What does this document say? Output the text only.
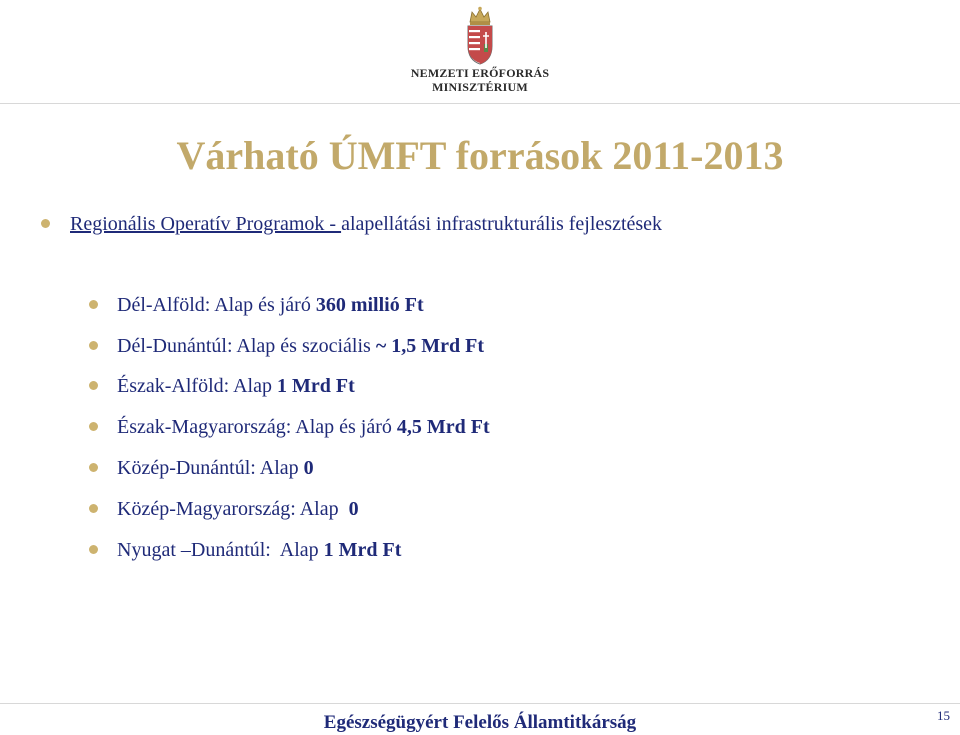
NEMZETI ERŐFORRÁS
MINISZTÉRIUM
Várható ÚMFT források 2011-2013
Regionális Operatív Programok - alapellátási infrastrukturális fejlesztések
Dél-Alföld: Alap és járó 360 millió Ft
Dél-Dunántúl: Alap és szociális ~ 1,5 Mrd Ft
Észak-Alföld: Alap 1 Mrd Ft
Észak-Magyarország: Alap és járó 4,5 Mrd Ft
Közép-Dunántúl: Alap 0
Közép-Magyarország: Alap  0
Nyugat –Dunántúl:  Alap 1 Mrd Ft
Egészségügyért Felelős Államtitkárság	15
